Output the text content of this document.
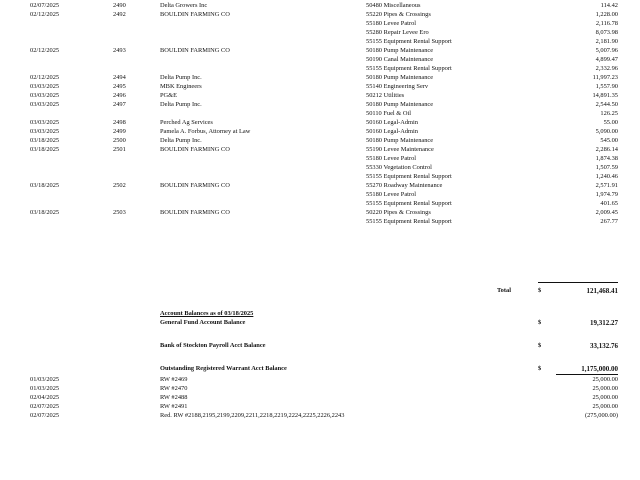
02/07/2025	2490	Delta Growers Inc	50480 Miscellaneous	114.42
02/12/2025	2492	BOULDIN FARMING CO	55220 Pipes & Crossings	1,228.00
55180 Levee Patrol	2,116.78
55280 Repair Levee Ero	8,073.98
55155 Equipment Rental Support	2,181.90
02/12/2025	2493	BOULDIN FARMING CO	50180 Pump Maintenance	5,007.96
50190 Canal Maintenance	4,899.47
55155 Equipment Rental Support	2,332.96
02/12/2025	2494	Delta Pump Inc.	50180 Pump Maintenance	11,997.23
03/03/2025	2495	MBK Engineers	55140 Engineering Serv	1,557.90
03/03/2025	2496	PG&E	50212 Utilities	14,891.35
03/03/2025	2497	Delta Pump Inc.	50180 Pump Maintenance	2,544.50
50110 Fuel & Oil	126.25
03/03/2025	2498	Perched Ag Services	50160 Legal-Admin	55.00
03/03/2025	2499	Pamela A. Forbus, Attorney at Law	50160 Legal-Admin	5,090.00
03/18/2025	2500	Delta Pump Inc.	50180 Pump Maintenance	545.00
03/18/2025	2501	BOULDIN FARMING CO	55190 Levee Maintenance	2,286.14
55180 Levee Patrol	1,874.38
55330 Vegetation Control	1,507.59
55155 Equipment Rental Support	1,240.46
03/18/2025	2502	BOULDIN FARMING CO	55270 Roadway Maintenance	2,571.91
55180 Levee Patrol	1,974.79
55155 Equipment Rental Support	401.65
03/18/2025	2503	BOULDIN FARMING CO	50220 Pipes & Crossings	2,009.45
55155 Equipment Rental Support	267.77
Total	$	121,468.41
Account Balances as of 03/18/2025
General Fund Account Balance	$	19,312.27
Bank of Stockton Payroll Acct Balance	$	33,132.76
Outstanding Registered Warrant Acct Balance	$	1,175,000.00
01/03/2025	RW #2469	25,000.00
01/03/2025	RW #2470	25,000.00
02/04/2025	RW #2488	25,000.00
02/07/2025	RW #2491	25,000.00
02/07/2025	Red. RW #2188,2195,2199,2209,2211,2218,2219,2224,2225,2226,2243	(275,000.00)
